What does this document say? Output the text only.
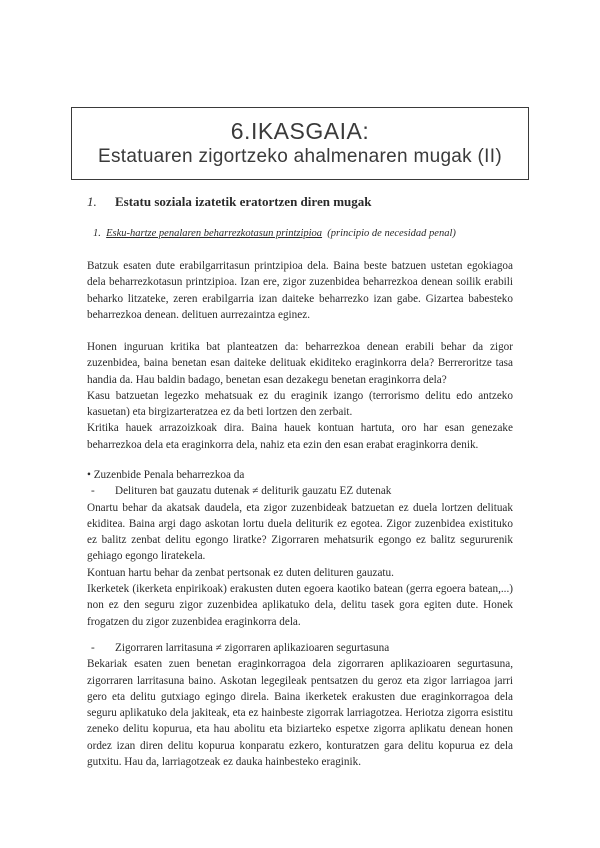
6.IKASGAIA:
Estatuaren zigortzeko ahalmenaren mugak (II)
1. Estatu soziala izatetik eratortzen diren mugak
1. Esku-hartze penalaren beharrezkotasun printzipioa (principio de necesidad penal)

Batzuk esaten dute erabilgarritasun printzipioa dela. Baina beste batzuen ustetan egokiagoa dela beharrezkotasun printzipioa. Izan ere, zigor zuzenbidea beharrezkoa denean soilik erabili beharko litzateke, zeren erabilgarria izan daiteke beharrezko izan gabe. Gizartea babesteko beharrezkoa denean. delituen aurrezaintza eginez.

Honen inguruan kritika bat planteatzen da: beharrezkoa denean erabili behar da zigor zuzenbidea, baina benetan esan daiteke delituak ekiditeko eraginkorra dela? Berreroritze tasa handia da. Hau baldin badago, benetan esan dezakegu benetan eraginkorra dela?

Kasu batzuetan legezko mehatsuak ez du eraginik izango (terrorismo delitu edo antzeko kasuetan) eta birgizarteratzea ez da beti lortzen den zerbait.

Kritika hauek arrazoizkoak dira. Baina hauek kontuan hartuta, oro har esan genezake beharrezkoa dela eta eraginkorra dela, nahiz eta ezin den esan erabat eraginkorra denik.

• Zuzenbide Penala beharrezkoa da

- Delituren bat gauzatu dutenak ≠ deliturik gauzatu EZ dutenak

Onartu behar da akatsak daudela, eta zigor zuzenbideak batzuetan ez duela lortzen delituak ekiditea. Baina argi dago askotan lortu duela deliturik ez egotea. Zigor zuzenbidea existituko ez balitz zenbat delitu egongo liratke? Zigorraren mehatsurik egongo ez balitz segururenik gehiago egongo liratekela.

Kontuan hartu behar da zenbat pertsonak ez duten delituren gauzatu.

Ikerketek (ikerketa enpirikoak) erakusten duten egoera kaotiko batean (gerra egoera batean,...) non ez den seguru zigor zuzenbidea aplikatuko dela, delitu tasek gora egiten dute. Honek frogatzen du zigor zuzenbidea eraginkorra dela.

- Zigorraren larritasuna ≠ zigorraren aplikazioaren segurtasuna

Bekariak esaten zuen benetan eraginkorragoa dela zigorraren aplikazioaren segurtasuna, zigorraren larritasuna baino. Askotan legegileak pentsatzen du geroz eta zigor larriagoa jarri gero eta delitu gutxiago egingo direla. Baina ikerketek erakusten due eraginkorragoa dela seguru aplikatuko dela jakiteak, eta ez hainbeste zigorrak larriagotzea. Heriotza zigorra esistitu zeneko delitu kopurua, eta hau abolitu eta biziarteko espetxe zigorra aplikatu denean honen ordez izan diren delitu kopurua konparatu ezkero, konturatzen gara delitu kopurua ez dela gutxitu. Hau da, larriagotzeak ez dauka hainbesteko eraginik.
